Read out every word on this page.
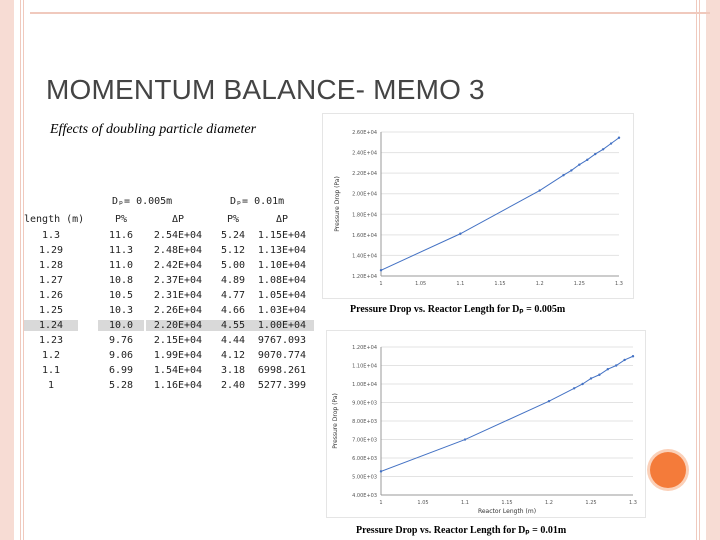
MOMENTUM BALANCE- MEMO 3
Effects of doubling particle diameter
Dₚ= 0.005m	Dₚ= 0.01m
length (m)	P%	ΔP	P%	ΔP
1.3	11.6	2.54E+04	5.24	1.15E+04
1.29	11.3	2.48E+04	5.12	1.13E+04
1.28	11.0	2.42E+04	5.00	1.10E+04
1.27	10.8	2.37E+04	4.89	1.08E+04
1.26	10.5	2.31E+04	4.77	1.05E+04
1.25	10.3	2.26E+04	4.66	1.03E+04
1.24	10.0	2.20E+04	4.55	1.00E+04
1.23	9.76	2.15E+04	4.44	9767.093
1.2	9.06	1.99E+04	4.12	9070.774
1.1	6.99	1.54E+04	3.18	6998.261
1	5.28	1.16E+04	2.40	5277.399
1.20E+04
1.40E+04
1.60E+04
1.80E+04
2.00E+04
2.20E+04
2.40E+04
2.60E+04
1	1.05	1.1	1.15	1.2	1.25	1.3
Pressure Drop (Pa)
Pressure Drop vs. Reactor Length for Dₚ = 0.005m
4.00E+03
5.00E+03
6.00E+03
7.00E+03
8.00E+03
9.00E+03
1.00E+04
1.10E+04
1.20E+04
1	1.05	1.1	1.15	1.2	1.25	1.3
Pressure Drop (Pa)
Reactor Length (m)
Pressure Drop vs. Reactor Length for Dₚ = 0.01m
